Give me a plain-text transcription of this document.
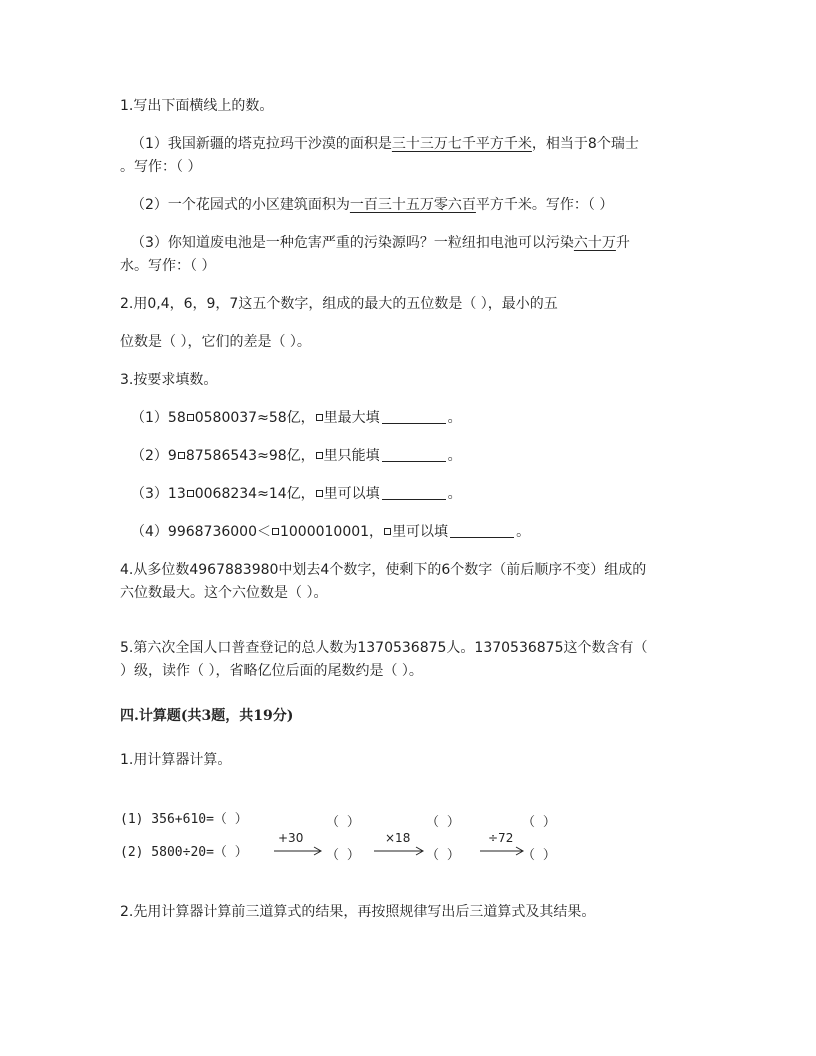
1.写出下面横线上的数。
（1）我国新疆的塔克拉玛干沙漠的面积是三十三万七千平方千米，相当于8个瑞士
。写作：（ ）
（2）一个花园式的小区建筑面积为一百三十五万零六百平方千米。写作：（ ）
（3）你知道废电池是一种危害严重的污染源吗？一粒纽扣电池可以污染六十万升
水。写作：（ ）
2.用0,4，6，9，7这五个数字，组成的最大的五位数是（ ），最小的五
位数是（ ），它们的差是（ ）。
3.按要求填数。
（1）58 0580037≈58亿， 里最大填	。
（2）9 87586543≈98亿， 里只能填	。
（3）13 0068234≈14亿， 里可以填	。
（4）9968736000＜ 1000010001， 里可以填	。
4.从多位数4967883980中划去4个数字，使剩下的6个数字（前后顺序不变）组成的
六位数最大。这个六位数是（ ）。
5.第六次全国人口普查登记的总人数为1370536875人。1370536875这个数含有（
）级，读作（ ），省略亿位后面的尾数约是（ ）。
四.计算题(共3题，共19分)
1.用计算器计算。
(1) 356+610=（ ）
(2) 5800÷20=（ ）
（ ）	（ ）	（ ）
（ ）	（ ）	（ ）
+30	×18	÷72
2.先用计算器计算前三道算式的结果，再按照规律写出后三道算式及其结果。
